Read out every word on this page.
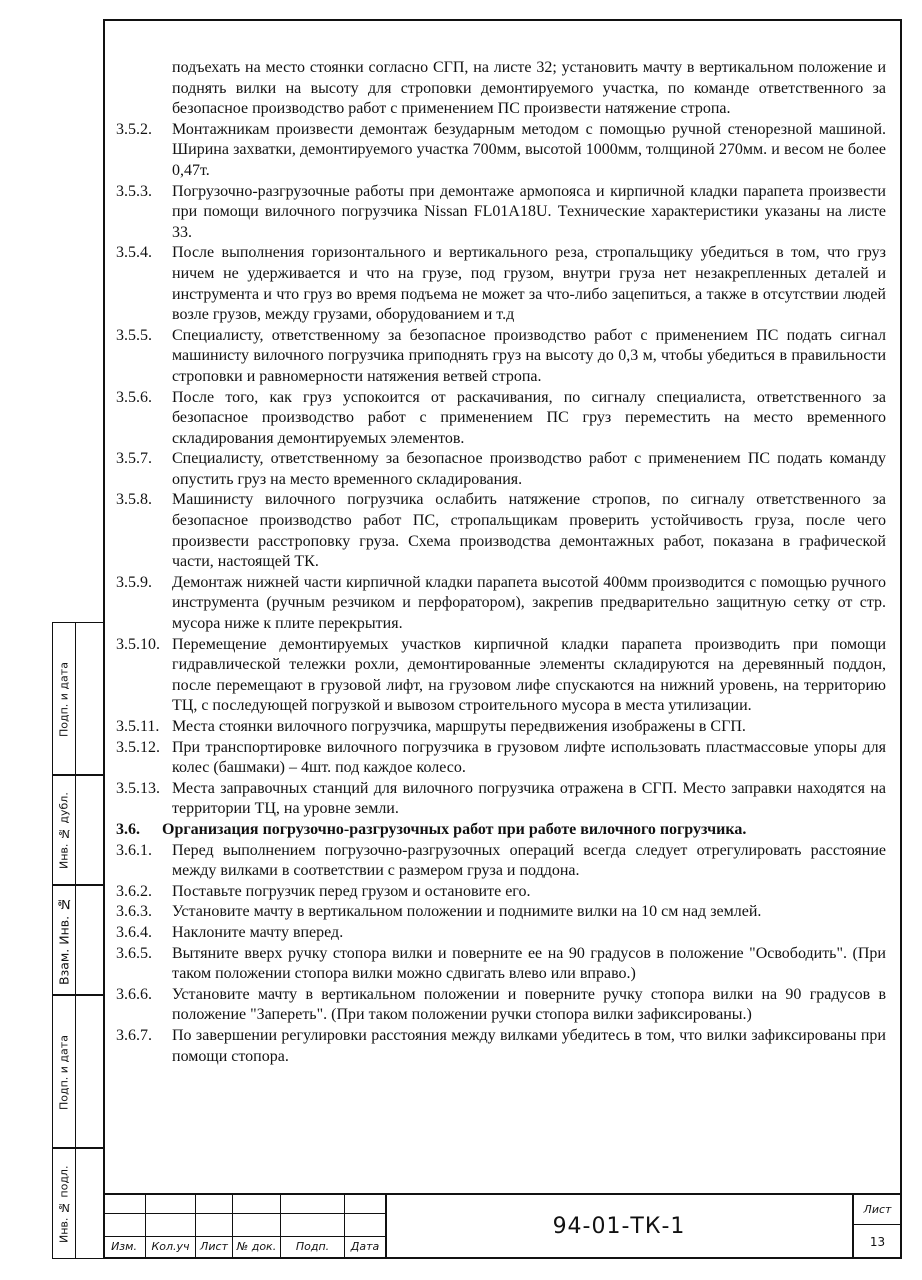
подъехать на место стоянки согласно СГП, на листе 32; установить мачту в вертикальном положение и поднять вилки на высоту для строповки демонтируемого участка, по команде ответственного за безопасное производство работ с применением ПС произвести натяжение стропа.
3.5.2.	Монтажникам произвести демонтаж безударным методом с помощью ручной стенорезной машиной. Ширина захватки, демонтируемого участка 700мм, высотой 1000мм, толщиной 270мм. и весом не более 0,47т.
3.5.3.	Погрузочно-разгрузочные работы при демонтаже армопояса и кирпичной кладки парапета произвести при помощи вилочного погрузчика Nissan FL01A18U. Технические характеристики указаны на листе 33.
3.5.4.	После выполнения горизонтального и вертикального реза, стропальщику убедиться в том, что груз ничем не удерживается и что на грузе, под грузом, внутри груза нет незакрепленных деталей и инструмента и что груз во время подъема не может за что-либо зацепиться, а также в отсутствии людей возле грузов, между грузами, оборудованием и т.д
3.5.5.	Специалисту, ответственному за безопасное производство работ с применением ПС подать сигнал машинисту вилочного погрузчика приподнять груз на высоту до 0,3 м, чтобы убедиться в правильности строповки и равномерности натяжения ветвей стропа.
3.5.6.	После того, как груз успокоится от раскачивания, по сигналу специалиста, ответственного за безопасное производство работ с применением ПС груз переместить на место временного складирования демонтируемых элементов.
3.5.7.	Специалисту, ответственному за безопасное производство работ с применением ПС подать команду опустить груз на место временного складирования.
3.5.8.	Машинисту вилочного погрузчика ослабить натяжение стропов, по сигналу ответственного за безопасное производство работ ПС, стропальщикам проверить устойчивость груза, после чего произвести расстроповку груза. Схема производства демонтажных работ, показана в графической части, настоящей ТК.
3.5.9.	Демонтаж нижней части кирпичной кладки парапета высотой 400мм производится с помощью ручного инструмента (ручным резчиком и перфоратором), закрепив предварительно защитную сетку от стр. мусора ниже к плите перекрытия.
3.5.10. Перемещение демонтируемых участков кирпичной кладки парапета производить при помощи гидравлической тележки рохли, демонтированные элементы складируются на деревянный поддон, после перемещают в грузовой лифт, на грузовом лифе спускаются на нижний уровень, на территорию ТЦ, с последующей погрузкой и вывозом строительного мусора в места утилизации.
3.5.11. Места стоянки вилочного погрузчика, маршруты передвижения изображены в СГП.
3.5.12. При транспортировке вилочного погрузчика в грузовом лифте использовать пластмассовые упоры для колес (башмаки) – 4шт. под каждое колесо.
3.5.13. Места заправочных станций для вилочного погрузчика отражена в СГП. Место заправки находятся на территории ТЦ, на уровне земли.
3.6.	Организация погрузочно-разгрузочных работ при работе вилочного погрузчика.
3.6.1.	Перед выполнением погрузочно-разгрузочных операций всегда следует отрегулировать расстояние между вилками в соответствии с размером груза и поддона.
3.6.2.	Поставьте погрузчик перед грузом и остановите его.
3.6.3.	Установите мачту в вертикальном положении и поднимите вилки на 10 см над землей.
3.6.4.	Наклоните мачту вперед.
3.6.5.	Вытяните вверх ручку стопора вилки и поверните ее на 90 градусов в положение "Освободить". (При таком положении стопора вилки можно сдвигать влево или вправо.)
3.6.6.	Установите мачту в вертикальном положении и поверните ручку стопора вилки на 90 градусов в положение "Запереть". (При таком положении ручки стопора вилки зафиксированы.)
3.6.7.	По завершении регулировки расстояния между вилками убедитесь в том, что вилки зафиксированы при помощи стопора.
Подп. и дата
Инв. № дубл.
Взам. Инв. №
Подп. и дата
Инв. № подл.
Изм.	Кол.уч Лист № док.	Подп.	Дата
94-01-ТК-1
Лист
13
